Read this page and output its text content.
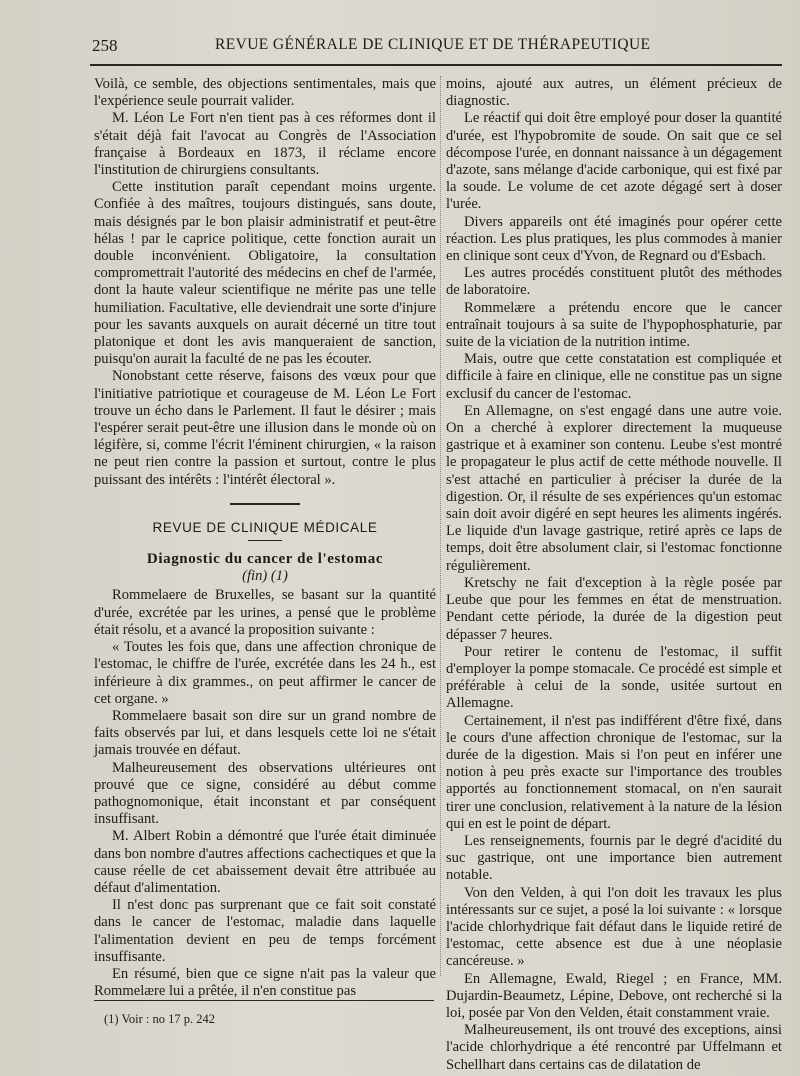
258	REVUE GÉNÉRALE DE CLINIQUE ET DE THÉRAPEUTIQUE

Voilà, ce semble, des objections sentimentales, mais que l'expérience seule pourrait valider.

M. Léon Le Fort n'en tient pas à ces réformes dont il s'était déjà fait l'avocat au Congrès de l'Association française à Bordeaux en 1873, il réclame encore l'institution de chirurgiens consultants.

Cette institution paraît cependant moins urgente. Confiée à des maîtres, toujours distingués, sans doute, mais désignés par le bon plaisir administratif et peut-être hélas ! par le caprice politique, cette fonction aurait un double inconvénient. Obligatoire, la consultation compromettrait l'autorité des médecins en chef de l'armée, dont la haute valeur scientifique ne mérite pas une telle humiliation. Facultative, elle deviendrait une sorte d'injure pour les savants auxquels on aurait décerné un titre tout platonique et dont les avis manqueraient de sanction, puisqu'on aurait la faculté de ne pas les écouter.

Nonobstant cette réserve, faisons des vœux pour que l'initiative patriotique et courageuse de M. Léon Le Fort trouve un écho dans le Parlement. Il faut le désirer ; mais l'espérer serait peut-être une illusion dans le monde où on légifère, si, comme l'écrit l'éminent chirurgien, « la raison ne peut rien contre la passion et surtout, contre le plus puissant des intérêts : l'intérêt électoral ».

REVUE DE CLINIQUE MÉDICALE
Diagnostic du cancer de l'estomac
(fin) (1)

Rommelaere de Bruxelles, se basant sur la quantité d'urée, excrétée par les urines, a pensé que le problème était résolu, et a avancé la proposition suivante :

« Toutes les fois que, dans une affection chronique de l'estomac, le chiffre de l'urée, excrétée dans les 24 h., est inférieure à dix grammes., on peut affirmer le cancer de cet organe. »

Rommelaere basait son dire sur un grand nombre de faits observés par lui, et dans lesquels cette loi ne s'était jamais trouvée en défaut.

Malheureusement des observations ultérieures ont prouvé que ce signe, considéré au début comme pathognomonique, était inconstant et par conséquent insuffisant.

M. Albert Robin a démontré que l'urée était diminuée dans bon nombre d'autres affections cachectiques et que la cause réelle de cet abaissement devait être attribuée au défaut d'alimentation.

Il n'est donc pas surprenant que ce fait soit constaté dans le cancer de l'estomac, maladie dans laquelle l'alimentation devient en peu de temps forcément insuffisante.

En résumé, bien que ce signe n'ait pas la valeur que Rommelære lui a prêtée, il n'en constitue pas

moins, ajouté aux autres, un élément précieux de diagnostic.

Le réactif qui doit être employé pour doser la quantité d'urée, est l'hypobromite de soude. On sait que ce sel décompose l'urée, en donnant naissance à un dégagement d'azote, sans mélange d'acide carbonique, qui est fixé par la soude. Le volume de cet azote dégagé sert à doser l'urée.

Divers appareils ont été imaginés pour opérer cette réaction. Les plus pratiques, les plus commodes à manier en clinique sont ceux d'Yvon, de Regnard ou d'Esbach.

Les autres procédés constituent plutôt des méthodes de laboratoire.

Rommelære a prétendu encore que le cancer entraînait toujours à sa suite de l'hypophosphaturie, par suite de la viciation de la nutrition intime.

Mais, outre que cette constatation est compliquée et difficile à faire en clinique, elle ne constitue pas un signe exclusif du cancer de l'estomac.

En Allemagne, on s'est engagé dans une autre voie. On a cherché à explorer directement la muqueuse gastrique et à examiner son contenu. Leube s'est montré le propagateur le plus actif de cette méthode nouvelle. Il s'est attaché en particulier à préciser la durée de la digestion. Or, il résulte de ses expériences qu'un estomac sain doit avoir digéré en sept heures les aliments ingérés. Le liquide d'un lavage gastrique, retiré après ce laps de temps, doit être absolument clair, si l'estomac fonctionne régulièrement.

Kretschy ne fait d'exception à la règle posée par Leube que pour les femmes en état de menstruation. Pendant cette période, la durée de la digestion peut dépasser 7 heures.

Pour retirer le contenu de l'estomac, il suffit d'employer la pompe stomacale. Ce procédé est simple et préférable à celui de la sonde, usitée surtout en Allemagne.

Certainement, il n'est pas indifférent d'être fixé, dans le cours d'une affection chronique de l'estomac, sur la durée de la digestion. Mais si l'on peut en inférer une notion à peu près exacte sur l'importance des troubles apportés au fonctionnement stomacal, on n'en saurait tirer une conclusion, relativement à la nature de la lésion qui en est le point de départ.

Les renseignements, fournis par le degré d'acidité du suc gastrique, ont une importance bien autrement notable.

Von den Velden, à qui l'on doit les travaux les plus intéressants sur ce sujet, a posé la loi suivante : « lorsque l'acide chlorhydrique fait défaut dans le liquide retiré de l'estomac, cette absence est due à une néoplasie cancéreuse. »

En Allemagne, Ewald, Riegel ; en France, MM. Dujardin-Beaumetz, Lépine, Debove, ont recherché si la loi, posée par Von den Velden, était constamment vraie.

Malheureusement, ils ont trouvé des exceptions, ainsi l'acide chlorhydrique a été rencontré par Uffelmann et Schellhart dans certains cas de dilatation de

(1) Voir : no 17 p. 242
